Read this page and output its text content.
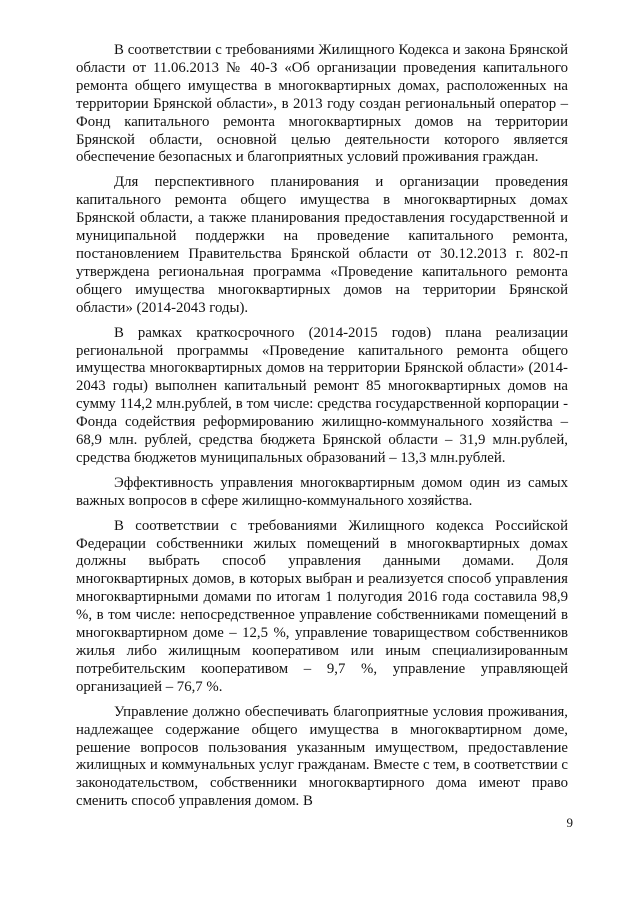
В соответствии с требованиями Жилищного Кодекса и закона Брянской области от 11.06.2013 № 40-З «Об организации проведения капитального ремонта общего имущества в многоквартирных домах, расположенных на территории Брянской области», в 2013 году создан региональный оператор – Фонд капитального ремонта многоквартирных домов на территории Брянской области, основной целью деятельности которого является обеспечение безопасных и благоприятных условий проживания граждан.

Для перспективного планирования и организации проведения капитального ремонта общего имущества в многоквартирных домах Брянской области, а также планирования предоставления государственной и муниципальной поддержки на проведение капитального ремонта, постановлением Правительства Брянской области от 30.12.2013 г. 802-п утверждена региональная программа «Проведение капитального ремонта общего имущества многоквартирных домов на территории Брянской области» (2014-2043 годы).

В рамках краткосрочного (2014-2015 годов) плана реализации региональной программы «Проведение капитального ремонта общего имущества многоквартирных домов на территории Брянской области» (2014-2043 годы) выполнен капитальный ремонт 85 многоквартирных домов на сумму 114,2 млн.рублей, в том числе: средства государственной корпорации - Фонда содействия реформированию жилищно-коммунального хозяйства – 68,9 млн. рублей, средства бюджета Брянской области – 31,9 млн.рублей, средства бюджетов муниципальных образований – 13,3 млн.рублей.

Эффективность управления многоквартирным домом один из самых важных вопросов в сфере жилищно-коммунального хозяйства.

В соответствии с требованиями Жилищного кодекса Российской Федерации собственники жилых помещений в многоквартирных домах должны выбрать способ управления данными домами. Доля многоквартирных домов, в которых выбран и реализуется способ управления многоквартирными домами по итогам 1 полугодия 2016 года составила 98,9 %, в том числе: непосредственное управление собственниками помещений в многоквартирном доме – 12,5 %, управление товариществом собственников жилья либо жилищным кооперативом или иным специализированным потребительским кооперативом – 9,7 %, управление управляющей организацией – 76,7 %.

Управление должно обеспечивать благоприятные условия проживания, надлежащее содержание общего имущества в многоквартирном доме, решение вопросов пользования указанным имуществом, предоставление жилищных и коммунальных услуг гражданам. Вместе с тем, в соответствии с законодательством, собственники многоквартирного дома имеют право сменить способ управления домом. В

9
